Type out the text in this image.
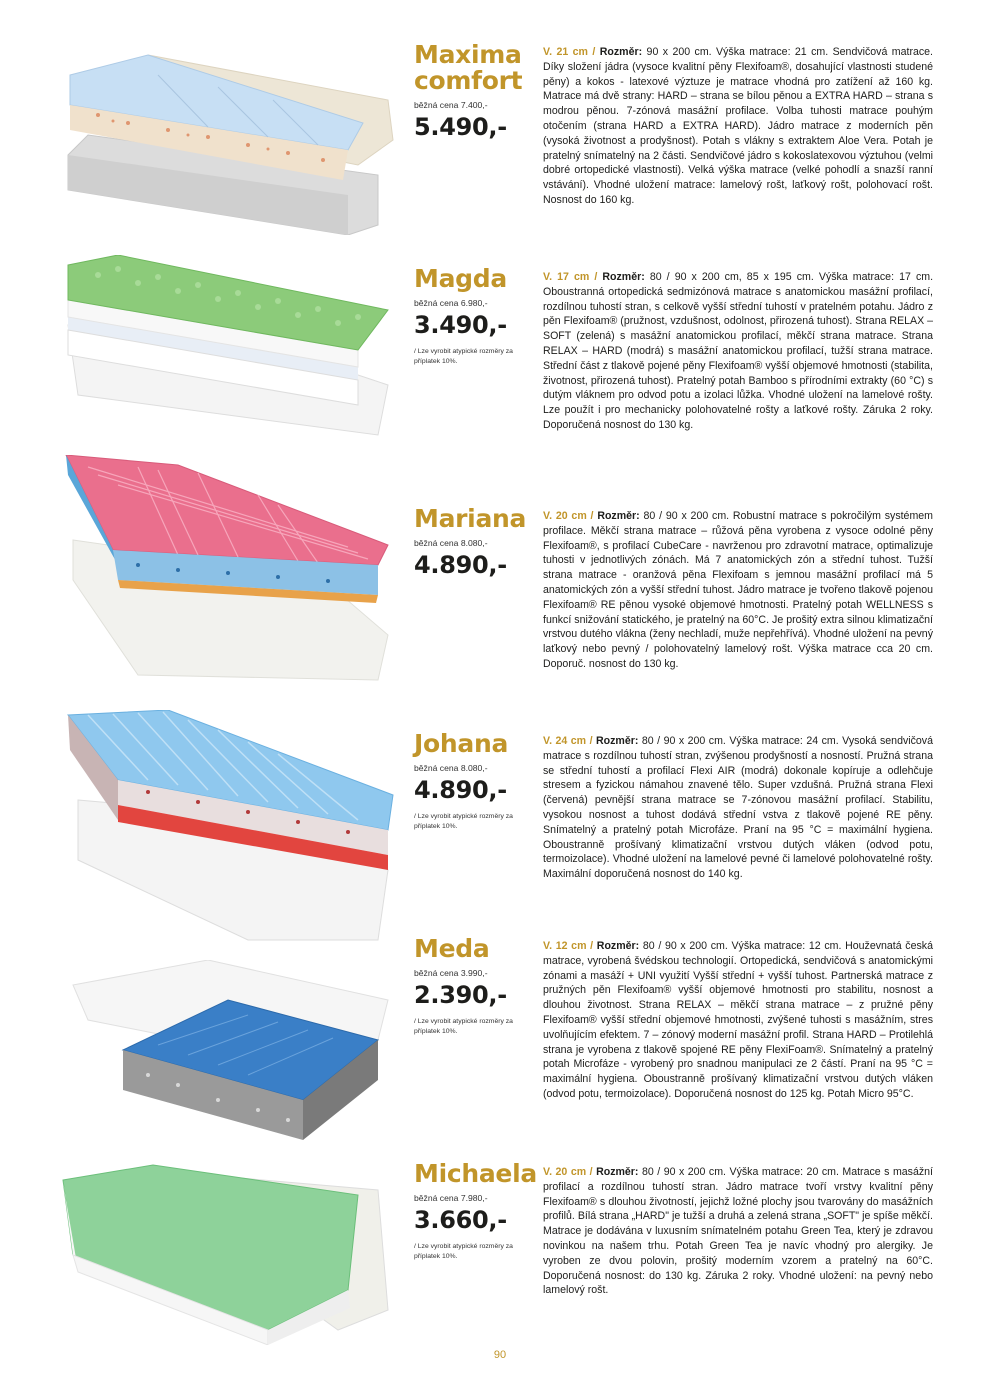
Maxima comfort
běžná cena 7.400,-
5.490,-
V. 21 cm / Rozměr: 90 x 200 cm. Výška matrace: 21 cm. Sendvičová matrace. Díky složení jádra (vysoce kvalitní pěny Flexifoam®, dosahující vlastnosti studené pěny) a kokos - latexové výztuze je matrace vhodná pro zatížení až 160 kg. Matrace má dvě strany: HARD – strana se bílou pěnou a EXTRA HARD – strana s modrou pěnou. 7-zónová masážní profilace. Volba tuhosti matrace pouhým otočením (strana HARD a EXTRA HARD). Jádro matrace z moderních pěn (vysoká životnost a prodyšnost). Potah s vlákny s extraktem Aloe Vera. Potah je pratelný snímatelný na 2 části. Sendvičové jádro s kokoslatexovou výztuhou (velmi dobré ortopedické vlastnosti). Velká výška matrace (velké pohodlí a snazší ranní vstávání). Vhodné uložení matrace: lamelový rošt, laťkový rošt, polohovací rošt. Nosnost do 160 kg.
Magda
běžná cena 6.980,-
3.490,-
/ Lze vyrobit atypické rozměry za příplatek 10%.
V. 17 cm / Rozměr: 80 / 90 x 200 cm, 85 x 195 cm. Výška matrace: 17 cm. Oboustranná ortopedická sedmizónová matrace s anatomickou masážní profilací, rozdílnou tuhostí stran, s celkově vyšší střední tuhostí v pratelném potahu. Jádro z pěn Flexifoam® (pružnost, vzdušnost, odolnost, přirozená tuhost). Strana RELAX – SOFT (zelená) s masážní anatomickou profilací, měkčí strana matrace. Strana RELAX – HARD (modrá) s masážní anatomickou profilací, tužší strana matrace. Střední část z tlakově pojené pěny Flexifoam® vyšší objemové hmotnosti (stabilita, životnost, přirozená tuhost). Pratelný potah Bamboo s přírodními extrakty (60 °C) s dutým vláknem pro odvod potu a izolaci lůžka. Vhodné uložení na lamelové rošty. Lze použít i pro mechanicky polohovatelné rošty a laťkové rošty. Záruka 2 roky. Doporučená nosnost do 130 kg.
Mariana
běžná cena 8.080,-
4.890,-
V. 20 cm / Rozměr: 80 / 90 x 200 cm. Robustní matrace s pokročilým systémem profilace. Měkčí strana matrace – růžová pěna vyrobena z vysoce odolné pěny Flexifoam®, s profilací CubeCare - navrženou pro zdravotní matrace, optimalizuje tuhosti v jednotlivých zónách. Má 7 anatomických zón a střední tuhost. Tužší strana matrace - oranžová pěna Flexifoam s jemnou masážní profilací má 5 anatomických zón a vyšší střední tuhost. Jádro matrace je tvořeno tlakově pojenou Flexifoam® RE pěnou vysoké objemové hmotnosti. Pratelný potah WELLNESS s funkcí snižování statického, je pratelný na 60°C. Je prošitý extra silnou klimatizační vrstvou dutého vlákna (ženy nechladí, muže nepřehřívá). Vhodné uložení na pevný laťkový nebo pevný / polohovatelný lamelový rošt. Výška matrace cca 20 cm. Doporuč. nosnost do 130 kg.
Johana
běžná cena 8.080,-
4.890,-
/ Lze vyrobit atypické rozměry za příplatek 10%.
V. 24 cm / Rozměr: 80 / 90 x 200 cm. Výška matrace: 24 cm. Vysoká sendvičová matrace s rozdílnou tuhostí stran, zvýšenou prodyšností a nosností. Pružná strana se střední tuhostí a profilací Flexi AIR (modrá) dokonale kopíruje a odlehčuje stresem a fyzickou námahou znavené tělo. Super vzdušná. Pružná strana Flexi (červená) pevnější strana matrace se 7-zónovou masážní profilací. Stabilitu, vysokou nosnost a tuhost dodává střední vstva z tlakově pojené RE pěny. Snímatelný a pratelný potah Microfáze. Praní na 95 °C = maximální hygiena. Oboustranně prošívaný klimatizační vrstvou dutých vláken (odvod potu, termoizolace). Vhodné uložení na lamelové pevné či lamelové polohovatelné rošty. Maximální doporučená nosnost do 140 kg.
Meda
běžná cena 3.990,-
2.390,-
/ Lze vyrobit atypické rozměry za příplatek 10%.
V. 12 cm / Rozměr: 80 / 90 x 200 cm. Výška matrace: 12 cm. Houževnatá česká matrace, vyrobená švédskou technologií. Ortopedická, sendvičová s anatomickými zónami a masáží + UNI využití Vyšší střední + vyšší tuhost. Partnerská matrace z pružných pěn Flexifoam® vyšší objemové hmotnosti pro stabilitu, nosnost a dlouhou životnost. Strana RELAX – měkčí strana matrace – z pružné pěny Flexifoam® vyšší střední objemové hmotnosti, zvýšené tuhosti s masážním, stres uvolňujícím efektem. 7 – zónový moderní masážní profil. Strana HARD – Protilehlá strana je vyrobena z tlakově spojené RE pěny FlexiFoam®. Snímatelný a pratelný potah Microfáze - vyrobený pro snadnou manipulaci ze 2 částí. Praní na 95 °C = maximální hygiena. Oboustranně prošívaný klimatizační vrstvou dutých vláken (odvod potu, termoizolace). Doporučená nosnost do 125 kg. Potah Micro 95°C.
Michaela
běžná cena 7.980,-
3.660,-
/ Lze vyrobit atypické rozměry za příplatek 10%.
V. 20 cm / Rozměr: 80 / 90 x 200 cm. Výška matrace: 20 cm. Matrace s masážní profilací a rozdílnou tuhostí stran. Jádro matrace tvoří vrstvy kvalitní pěny Flexifoam® s dlouhou životností, jejichž ložné plochy jsou tvarovány do masážních profilů. Bílá strana „HARD" je tužší a druhá a zelená strana „SOFT" je spíše měkčí. Matrace je dodávána v luxusním snímatelném potahu Green Tea, který je zdravou novinkou na našem trhu. Potah Green Tea je navíc vhodný pro alergiky. Je vyroben ze dvou polovin, prošitý moderním vzorem a pratelný na 60°C. Doporučená nosnost: do 130 kg. Záruka 2 roky. Vhodné uložení: na pevný nebo lamelový rošt.
90
